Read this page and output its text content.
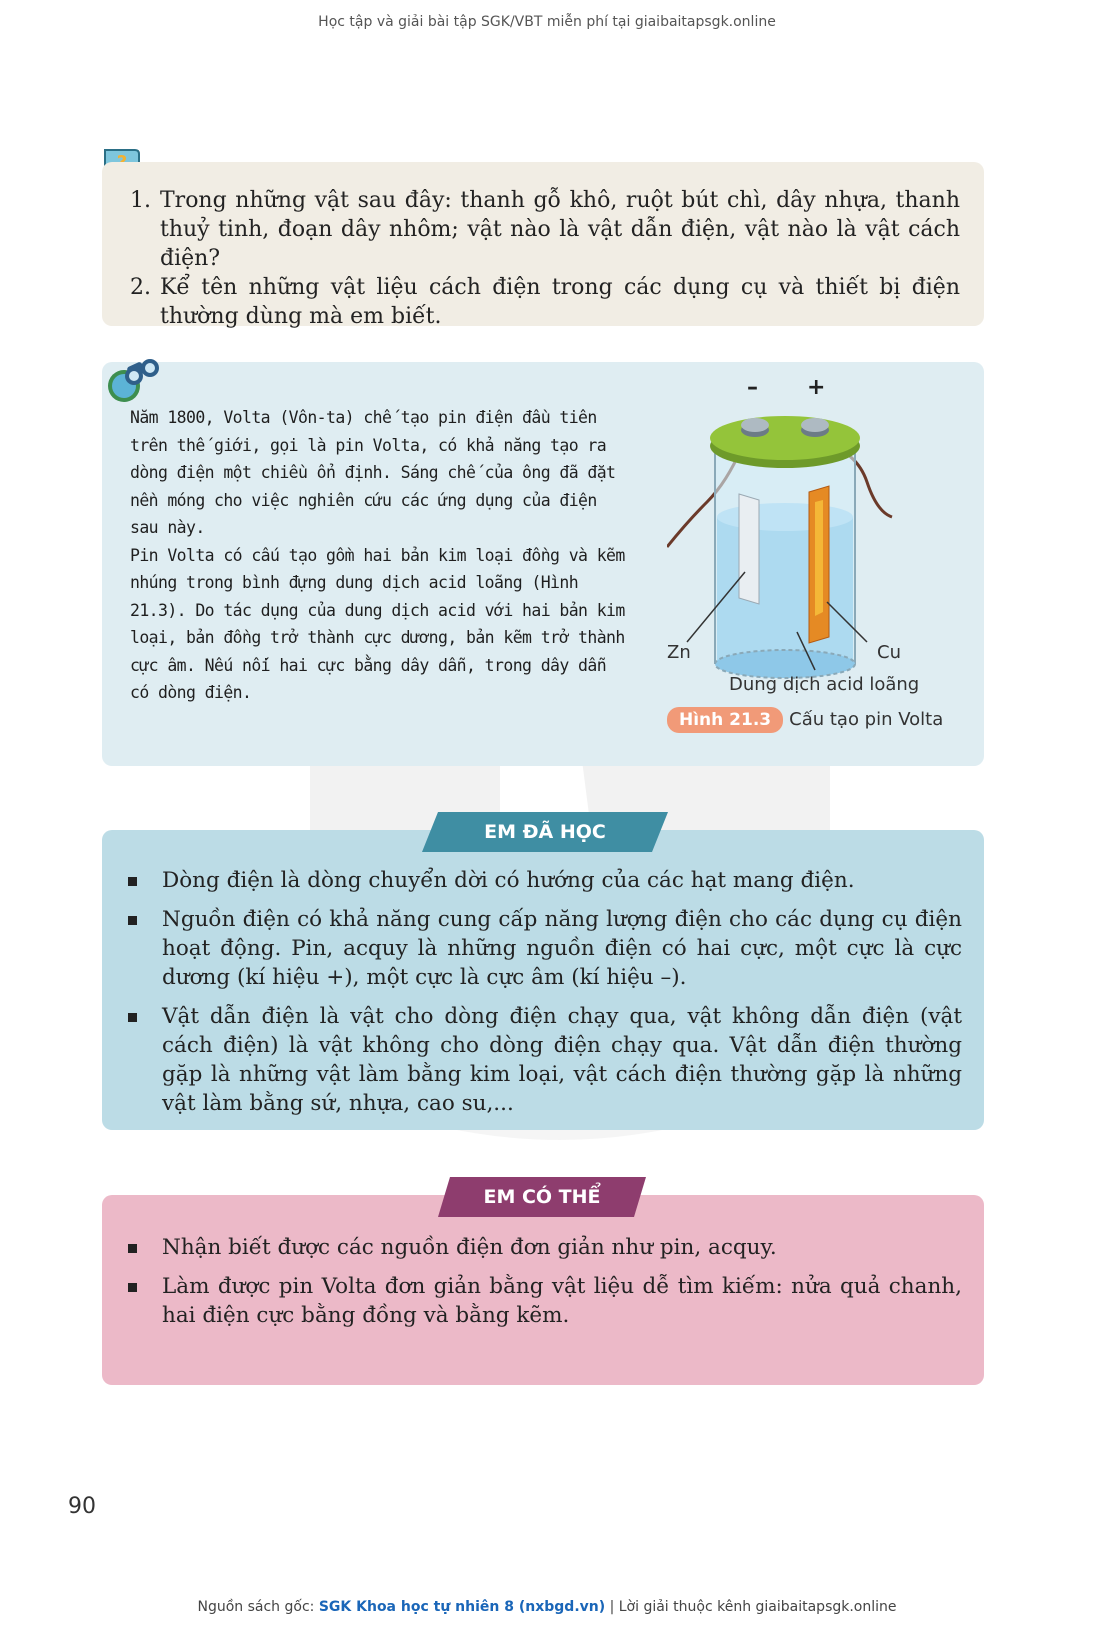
Học tập và giải bài tập SGK/VBT miễn phí tại giaibaitapsgk.online
1. Trong những vật sau đây: thanh gỗ khô, ruột bút chì, dây nhựa, thanh thuỷ tinh, đoạn dây nhôm; vật nào là vật dẫn điện, vật nào là vật cách điện?
2. Kể tên những vật liệu cách điện trong các dụng cụ và thiết bị điện thường dùng mà em biết.

Năm 1800, Volta (Vôn-ta) chế tạo pin điện đầu tiên trên thế giới, gọi là pin Volta, có khả năng tạo ra dòng điện một chiều ổn định. Sáng chế của ông đã đặt nền móng cho việc nghiên cứu các ứng dụng của điện sau này.

Pin Volta có cấu tạo gồm hai bản kim loại đồng và kẽm nhúng trong bình đựng dung dịch acid loãng (Hình 21.3). Do tác dụng của dung dịch acid với hai bản kim loại, bản đồng trở thành cực dương, bản kẽm trở thành cực âm. Nếu nối hai cực bằng dây dẫn, trong dây dẫn có dòng điện.

– +
Zn	Cu
Dung dịch acid loãng
Hình 21.3 Cấu tạo pin Volta
Dòng điện là dòng chuyển dời có hướng của các hạt mang điện.
Nguồn điện có khả năng cung cấp năng lượng điện cho các dụng cụ điện hoạt động. Pin, acquy là những nguồn điện có hai cực, một cực là cực dương (kí hiệu +), một cực là cực âm (kí hiệu –).
Vật dẫn điện là vật cho dòng điện chạy qua, vật không dẫn điện (vật cách điện) là vật không cho dòng điện chạy qua. Vật dẫn điện thường gặp là những vật làm bằng kim loại, vật cách điện thường gặp là những vật làm bằng sứ, nhựa, cao su,...
EM ĐÃ HỌC
Nhận biết được các nguồn điện đơn giản như pin, acquy.
Làm được pin Volta đơn giản bằng vật liệu dễ tìm kiếm: nửa quả chanh, hai điện cực bằng đồng và bằng kẽm.
EM CÓ THỂ
90
Nguồn sách gốc: SGK Khoa học tự nhiên 8 (nxbgd.vn) | Lời giải thuộc kênh giaibaitapsgk.online
